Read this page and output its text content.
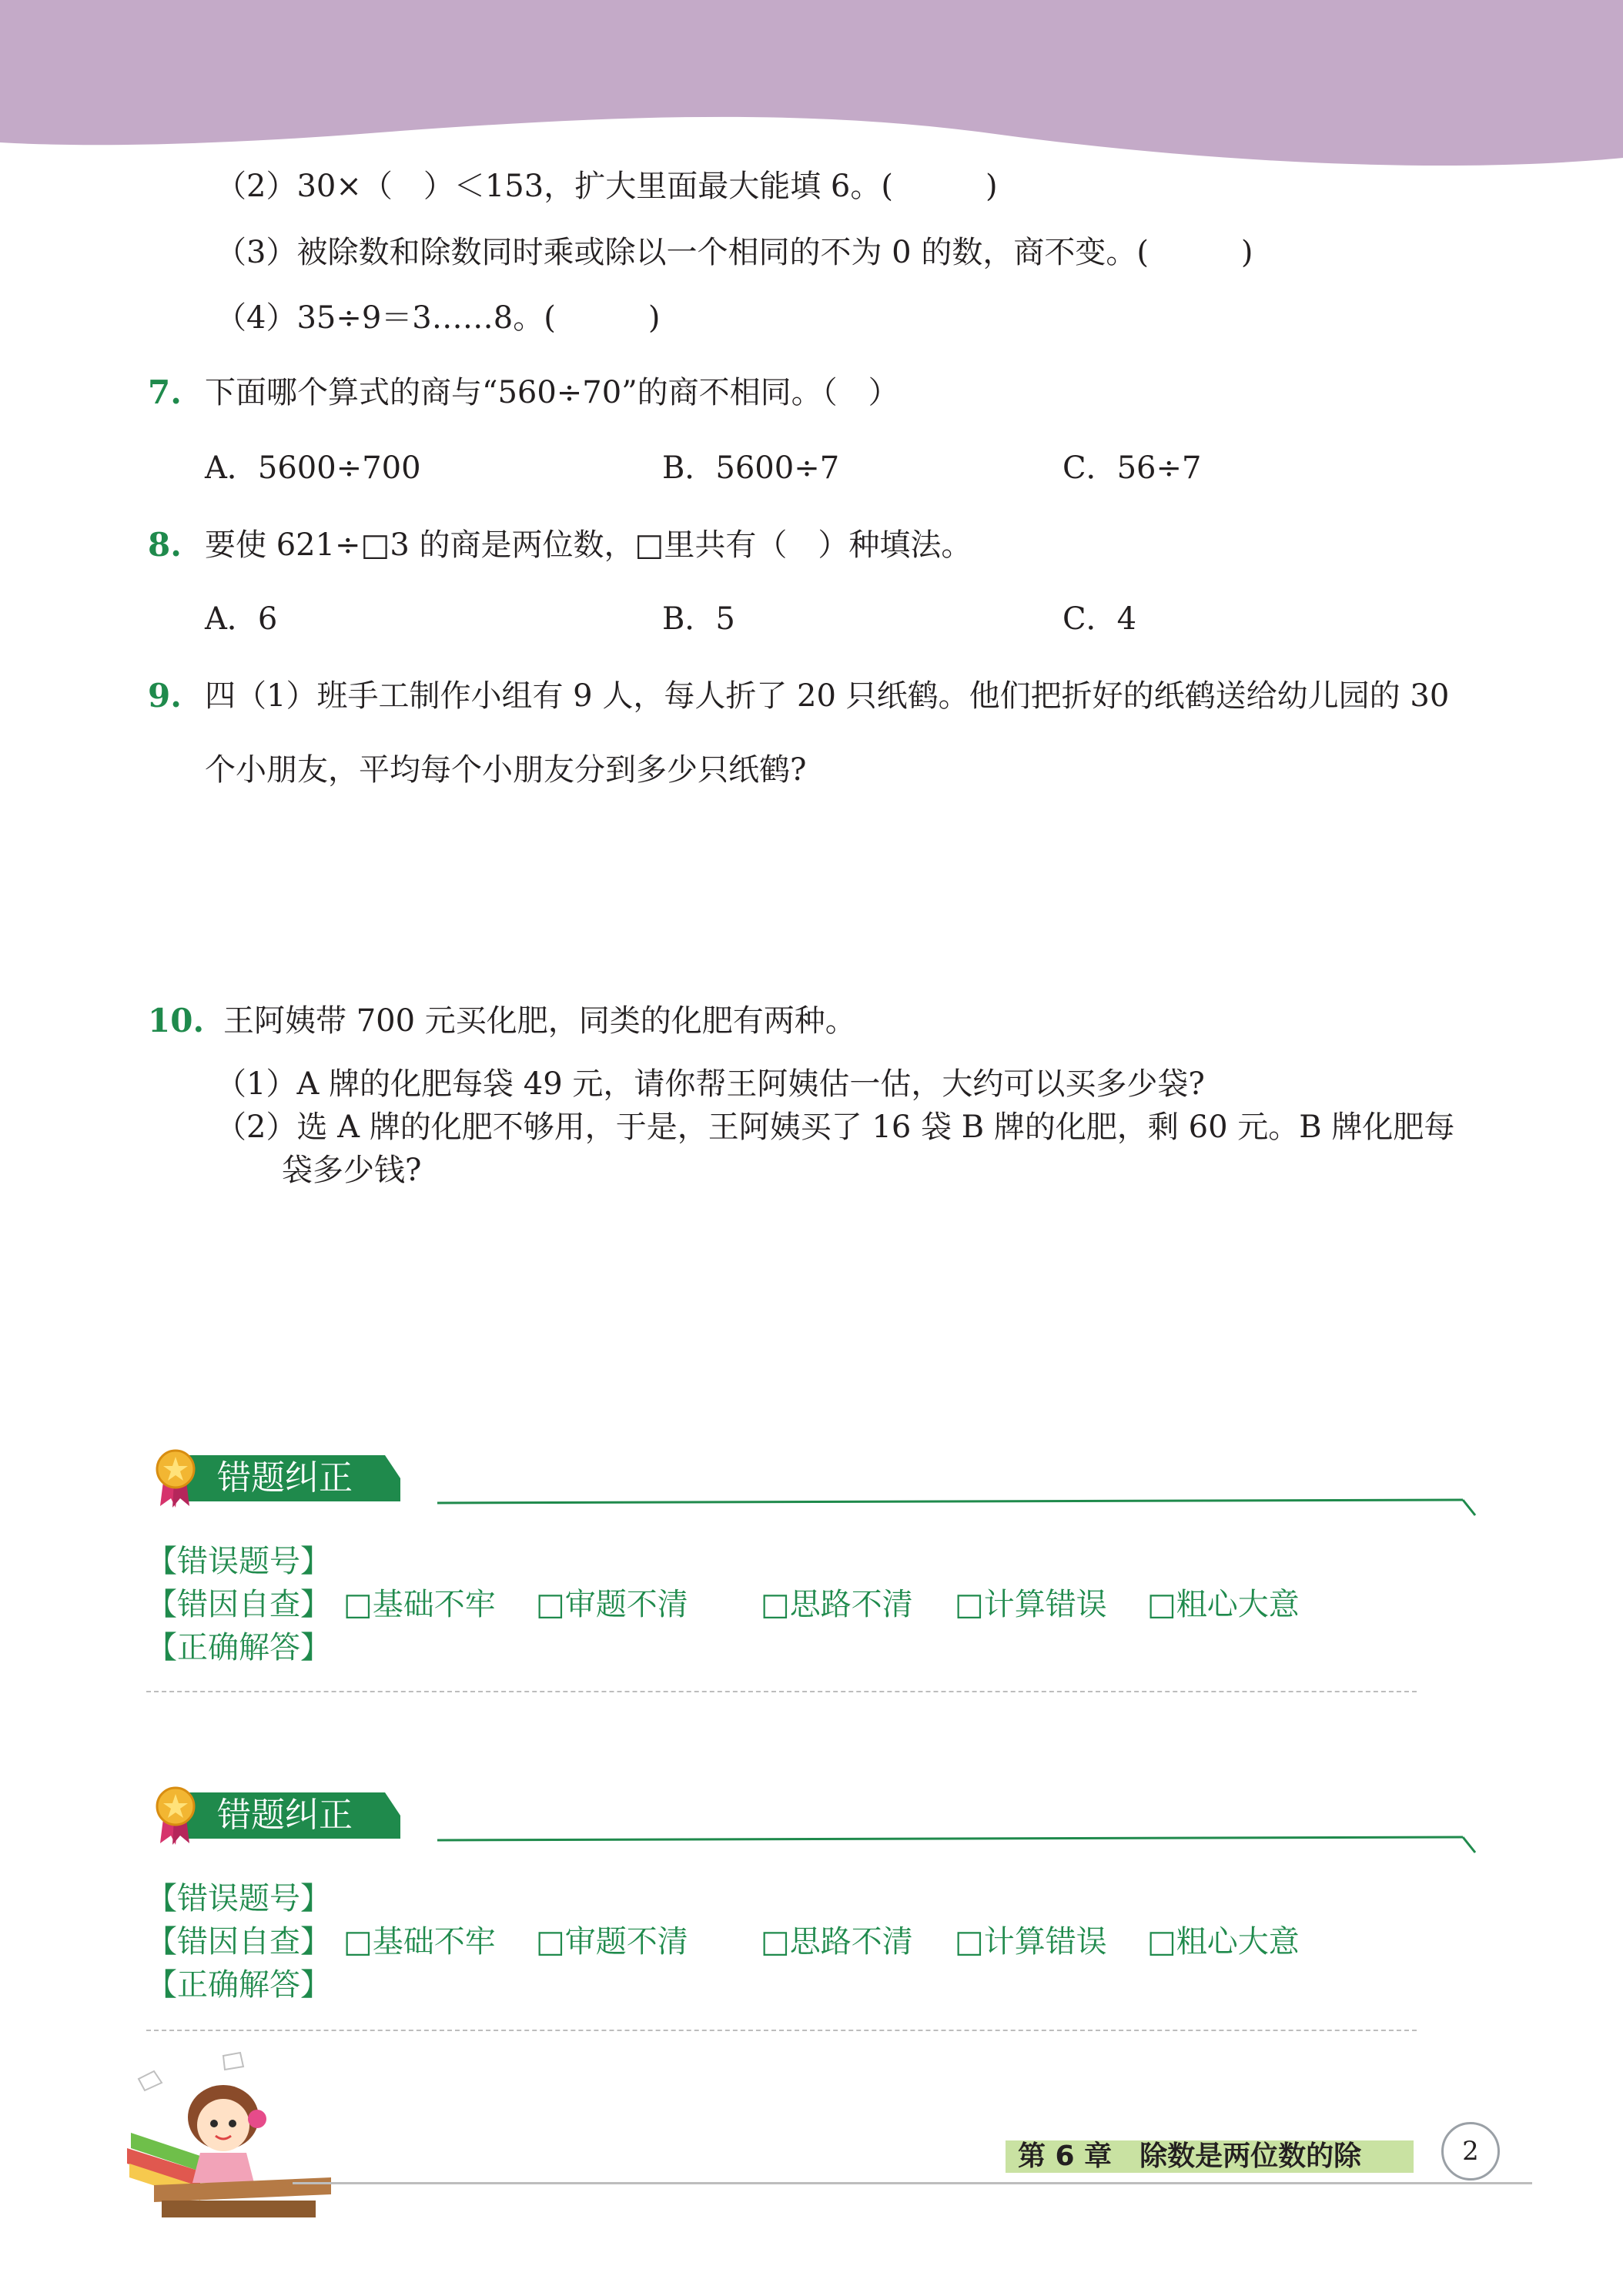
（2）30×（　）＜153，扩大里面最大能填 6。(　　　)
（3）被除数和除数同时乘或除以一个相同的不为 0 的数，商不变。(　　　)
（4）35÷9＝3……8。(　　　)
7. 下面哪个算式的商与“560÷70”的商不相同。（　）
A．5600÷700	B．5600÷7	C．56÷7
8. 要使 621÷□3 的商是两位数，□里共有（　）种填法。
A．6	B．5	C．4
9. 四（1）班手工制作小组有 9 人，每人折了 20 只纸鹤。他们把折好的纸鹤送给幼儿园的 30
个小朋友，平均每个小朋友分到多少只纸鹤?
10. 王阿姨带 700 元买化肥，同类的化肥有两种。
（1）A 牌的化肥每袋 49 元，请你帮王阿姨估一估，大约可以买多少袋?
（2）选 A 牌的化肥不够用，于是，王阿姨买了 16 袋 B 牌的化肥，剩 60 元。B 牌化肥每
袋多少钱?
错题纠正
【错误题号】
【错因自查】 □基础不牢 □审题不清 □思路不清 □计算错误 □粗心大意
【正确解答】
错题纠正
【错误题号】
【错因自查】 □基础不牢 □审题不清 □思路不清 □计算错误 □粗心大意
【正确解答】
第 6 章　除数是两位数的除	2
